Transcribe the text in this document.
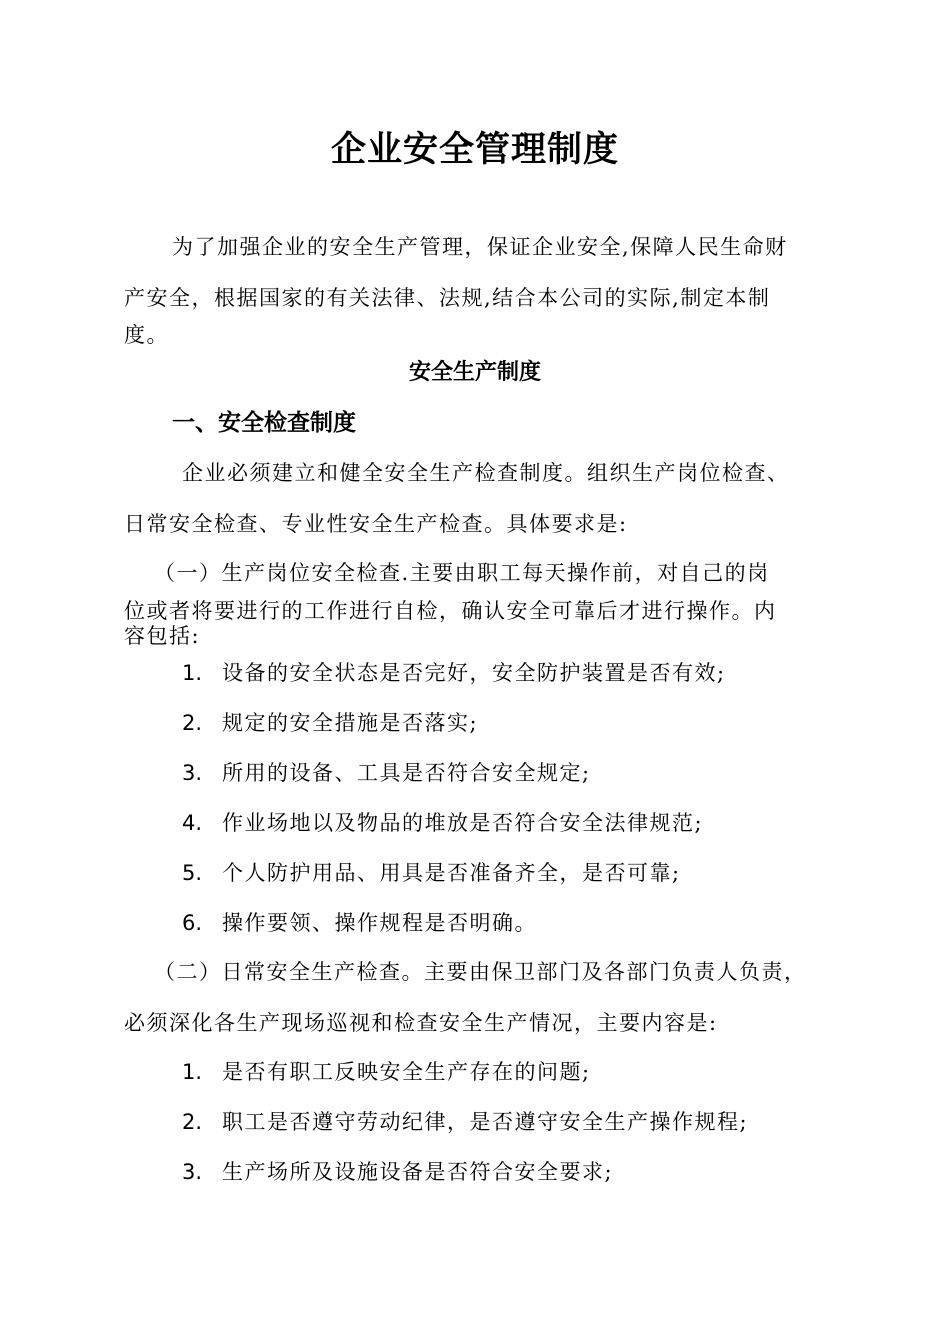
企业安全管理制度
为了加强企业的安全生产管理，保证企业安全,保障人民生命财
产安全，根据国家的有关法律、法规,结合本公司的实际,制定本制
度。
安全生产制度
一、安全检查制度
企业必须建立和健全安全生产检查制度。组织生产岗位检查、
日常安全检查、专业性安全生产检查。具体要求是:
（一）生产岗位安全检查.主要由职工每天操作前，对自己的岗
位或者将要进行的工作进行自检，确认安全可靠后才进行操作。内
容包括:
1. 设备的安全状态是否完好，安全防护装置是否有效;
2. 规定的安全措施是否落实;
3. 所用的设备、工具是否符合安全规定;
4. 作业场地以及物品的堆放是否符合安全法律规范;
5. 个人防护用品、用具是否准备齐全，是否可靠;
6. 操作要领、操作规程是否明确。
（二）日常安全生产检查。主要由保卫部门及各部门负责人负责，
必须深化各生产现场巡视和检查安全生产情况，主要内容是:
1. 是否有职工反映安全生产存在的问题;
2. 职工是否遵守劳动纪律，是否遵守安全生产操作规程;
3. 生产场所及设施设备是否符合安全要求;
